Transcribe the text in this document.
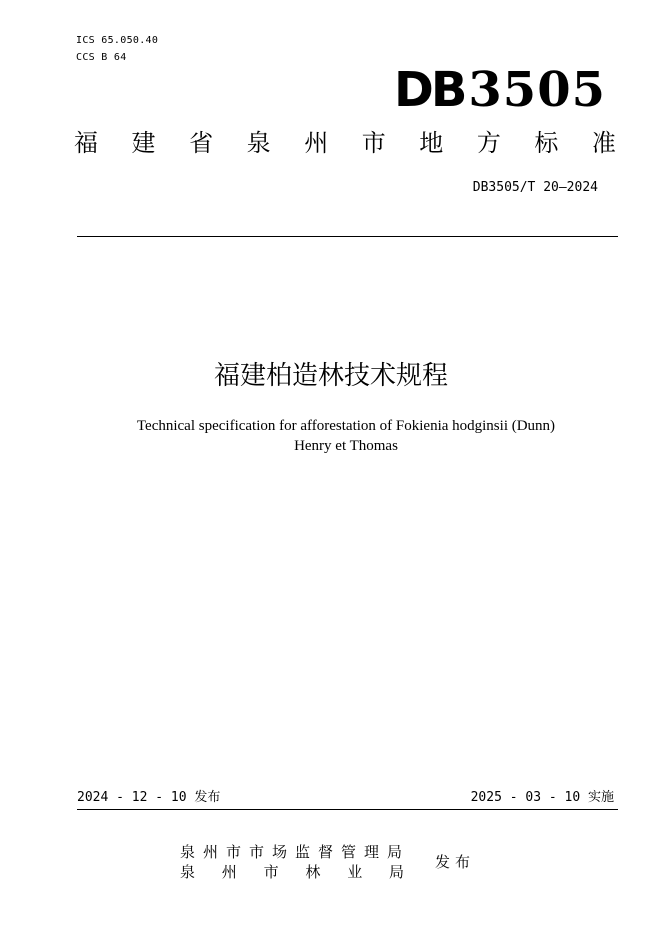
ICS 65.050.40
CCS B 64
DB3505
福 建 省 泉 州 市 地 方 标 准
DB3505/T 20—2024
福建柏造林技术规程
Technical specification for afforestation of Fokienia hodginsii (Dunn)
Henry et Thomas
2024 - 12 - 10 发布	2025 - 03 - 10 实施
泉州市市场监督管理局
泉 州 市 林 业 局
发布
